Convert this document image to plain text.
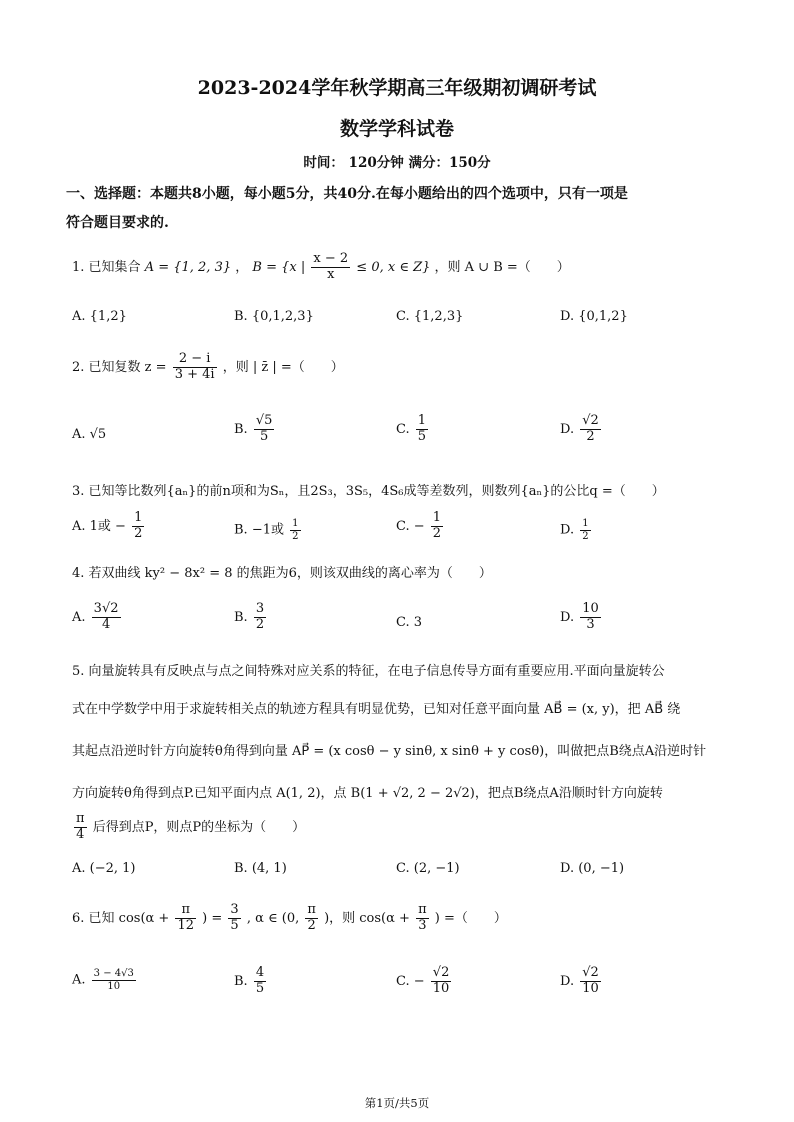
2023-2024学年秋学期高三年级期初调研考试
数学学科试卷
时间： 120分钟 满分：150分
一、选择题：本题共8小题，每小题5分，共40分.在每小题给出的四个选项中，只有一项是
符合题目要求的.
1. 已知集合 A = {1, 2, 3} ， B = {x | $\frac{x - 2}{x} \le 0$, x ∈ Z} ，则 A ∪ B =（　　）
A. {1,2}	B. {0,1,2,3}	C. {1,2,3}	D. {0,1,2}
2. 已知复数 $z = \frac{2 - i}{3 + 4i}$ ，则 | z̄ | =（　　）
A. √5	B. $\frac{√5}{5}$	C. $\frac{1}{5}$	D. $\frac{√2}{2}$
3. 已知等比数列{aₙ}的前n项和为Sₙ，且2S₃，3S₅，4S₆成等差数列，则数列{aₙ}的公比q =（　　）
A. 1或 − $\frac{1}{2}$	B. −1或 $\frac{1}{2}$	C. − $\frac{1}{2}$	D. $\frac{1}{2}$
4. 若双曲线 ky² − 8x² = 8 的焦距为6，则该双曲线的离心率为（　　）
A. $\frac{3√2}{4}$	B. $\frac{3}{2}$	C. 3	D. $\frac{10}{3}$
5. 向量旋转具有反映点与点之间特殊对应关系的特征，在电子信息传导方面有重要应用.平面向量旋转公
式在中学数学中用于求旋转相关点的轨迹方程具有明显优势，已知对任意平面向量 AB⃗ = (x, y)，把 AB⃗ 绕
其起点沿逆时针方向旋转θ角得到向量 AP⃗ = (x cosθ − y sinθ, x sinθ + y cosθ)，叫做把点B绕点A沿逆时针
方向旋转θ角得到点P.已知平面内点 A(1, 2)，点 B(1 + √2, 2 − 2√2)，把点B绕点A沿顺时针方向旋转
$\frac{\pi}{4}$ 后得到点P，则点P的坐标为（　　）
A. (−2, 1)	B. (4, 1)	C. (2, −1)	D. (0, −1)
6. 已知 $\cos(\alpha + \frac{\pi}{12}$ ) = $\frac{3}{5}$ , α ∈ (0, $\frac{\pi}{2}$ )，则 $\cos(\alpha + \frac{\pi}{3}$ ) =（　　）
A. $\frac{3 - 4√3}{10}$	B. $\frac{4}{5}$	C. − $\frac{√2}{10}$	D. $\frac{√2}{10}$
第1页/共5页
